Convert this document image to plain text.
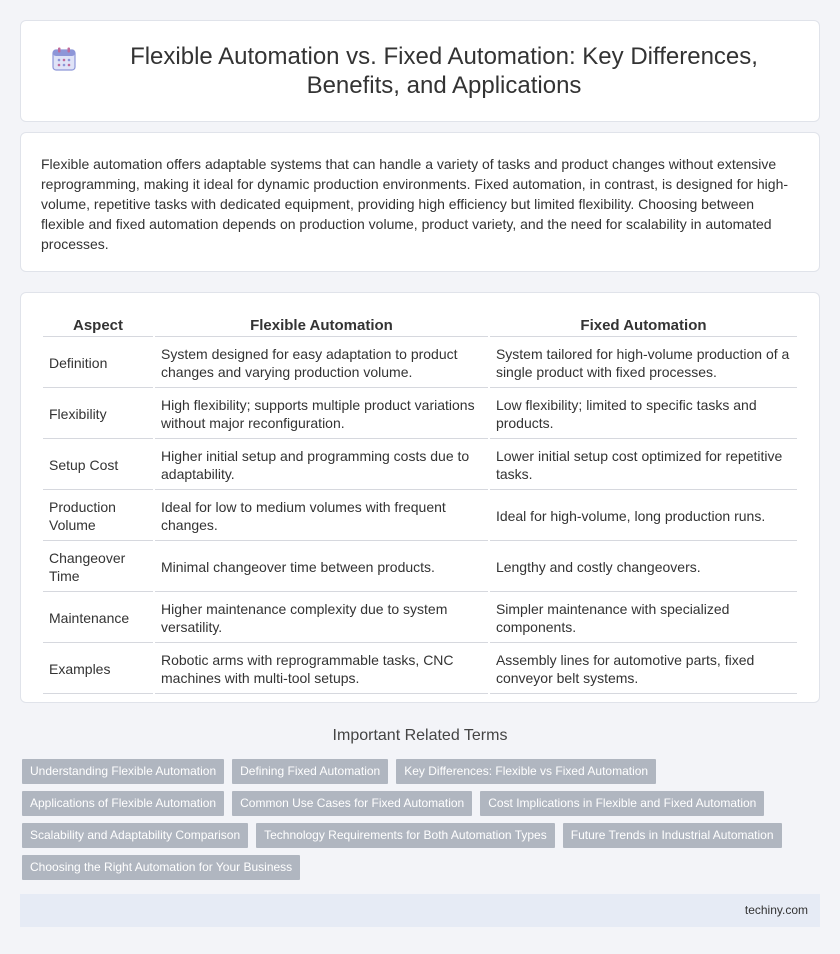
Flexible Automation vs. Fixed Automation: Key Differences, Benefits, and Applications

Flexible automation offers adaptable systems that can handle a variety of tasks and product changes without extensive reprogramming, making it ideal for dynamic production environments. Fixed automation, in contrast, is designed for high-volume, repetitive tasks with dedicated equipment, providing high efficiency but limited flexibility. Choosing between flexible and fixed automation depends on production volume, product variety, and the need for scalability in automated processes.

Aspect	Flexible Automation	Fixed Automation
Definition	System designed for easy adaptation to product changes and varying production volume.	System tailored for high-volume production of a single product with fixed processes.
Flexibility	High flexibility; supports multiple product variations without major reconfiguration.	Low flexibility; limited to specific tasks and products.
Setup Cost	Higher initial setup and programming costs due to adaptability.	Lower initial setup cost optimized for repetitive tasks.
Production Volume	Ideal for low to medium volumes with frequent changes.	Ideal for high-volume, long production runs.
Changeover Time	Minimal changeover time between products.	Lengthy and costly changeovers.
Maintenance	Higher maintenance complexity due to system versatility.	Simpler maintenance with specialized components.
Examples	Robotic arms with reprogrammable tasks, CNC machines with multi-tool setups.	Assembly lines for automotive parts, fixed conveyor belt systems.
Important Related Terms
Understanding Flexible Automation	Defining Fixed Automation	Key Differences: Flexible vs Fixed Automation
Applications of Flexible Automation	Common Use Cases for Fixed Automation	Cost Implications in Flexible and Fixed Automation
Scalability and Adaptability Comparison	Technology Requirements for Both Automation Types	Future Trends in Industrial Automation
Choosing the Right Automation for Your Business
techiny.com
